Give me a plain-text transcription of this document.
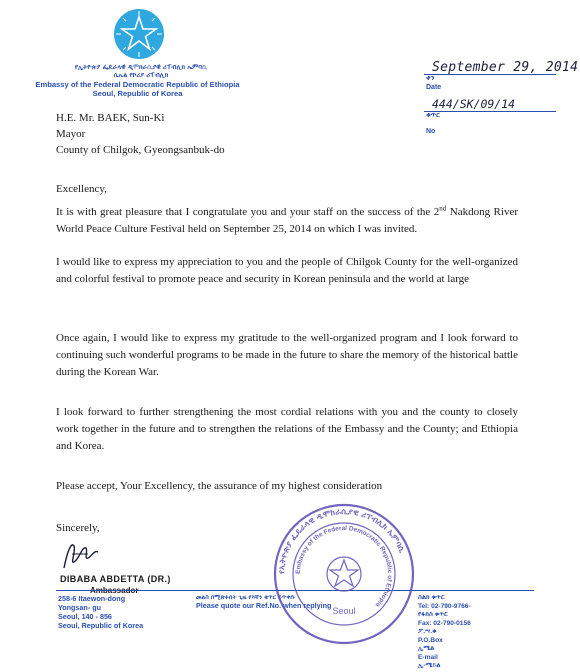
የኢትዮጵያ ፌዴራላዊ ዲሞክራሲያዊ ሪፐብሊክ ኤምባሲ
ሴኡል የኮሪያ ሪፐብሊክ
Embassy of the Federal Democratic Republic of Ethiopia
Seoul, Republic of Korea
September 29, 2014
ቀን
Date
444/SK/09/14
ቁጥር
No
H.E. Mr. BAEK, Sun-Ki
Mayor
County of Chilgok, Gyeongsanbuk-do
Excellency,
It is with great pleasure that I congratulate you and your staff on the success of the 2nd Nakdong River World Peace Culture Festival held on September 25, 2014 on which I was invited.
I would like to express my appreciation to you and the people of Chilgok County for the well-organized and colorful festival to promote peace and security in Korean peninsula and the world at large
Once again, I would like to express my gratitude to the well-organized program and I look forward to continuing such wonderful programs to be made in the future to share the memory of the historical battle during the Korean War.
I look forward to further strengthening the most cordial relations with you and the county to closely work together in the future and to strengthen the relations of the Embassy and the County; and Ethiopia and Korea.
Please accept, Your Excellency, the assurance of my highest consideration
Sincerely,
DIBABA ABDETTA (DR.)
Ambassador
258-6 Itaewon-dong
Yongsan- gu
Seoul, 140 - 856
Seoul, Republic of Korea
መልስ በሚጽፉበት ጊዜ የእኛን ቁጥር ይጥቀሱ
Please quote our Ref.No. when replying
ስልክ ቁጥር
Tel: 02-790-9766-
የፋክስ ቁጥር
Fax: 02-790-0156
ፖ.ሣ.ቁ
P.O.Box
ኢሜል
E-mail
ኢ-ሜይል
የኢትዮጵያ ፌዴራላዊ ዲሞክራሲያዊ ሪፐብሊክ ኤምባሲ
Embassy of the Federal Democratic Republic of Ethiopia
Seoul
